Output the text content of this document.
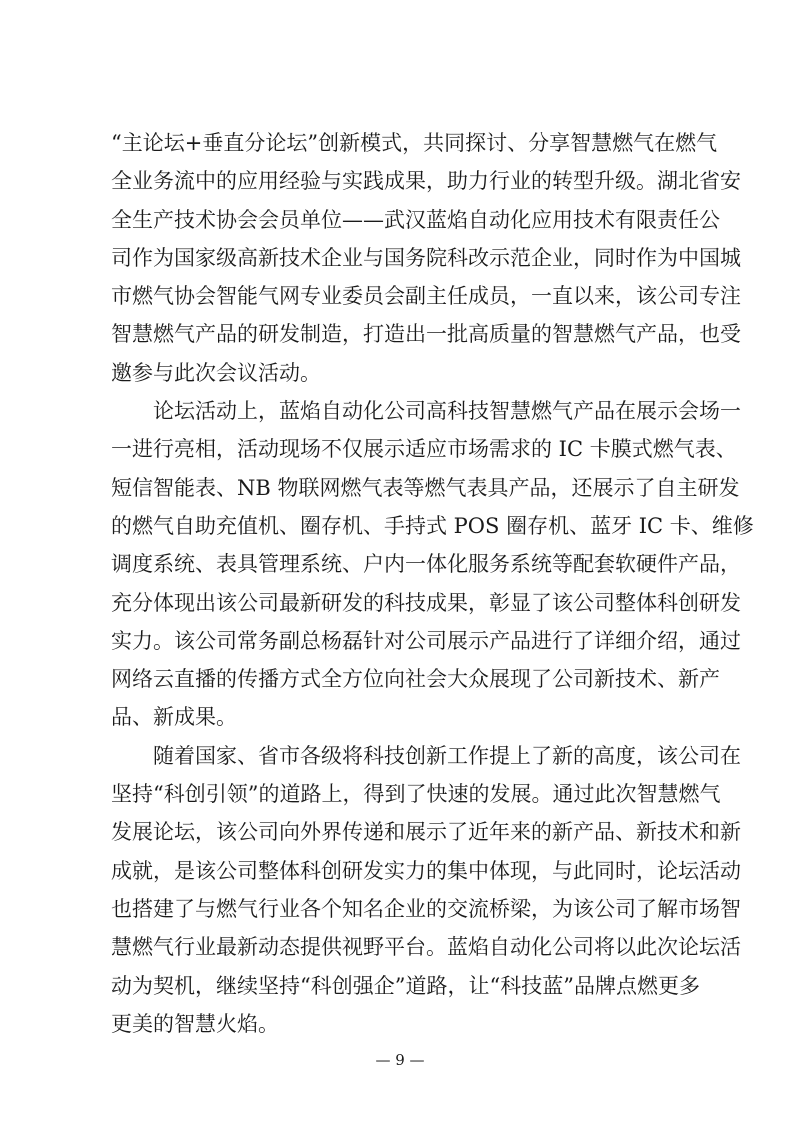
“主论坛+垂直分论坛”创新模式，共同探讨、分享智慧燃气在燃气
全业务流中的应用经验与实践成果，助力行业的转型升级。湖北省安
全生产技术协会会员单位——武汉蓝焰自动化应用技术有限责任公
司作为国家级高新技术企业与国务院科改示范企业，同时作为中国城
市燃气协会智能气网专业委员会副主任成员，一直以来，该公司专注
智慧燃气产品的研发制造，打造出一批高质量的智慧燃气产品，也受
邀参与此次会议活动。
论坛活动上，蓝焰自动化公司高科技智慧燃气产品在展示会场一
一进行亮相，活动现场不仅展示适应市场需求的 IC 卡膜式燃气表、
短信智能表、NB 物联网燃气表等燃气表具产品，还展示了自主研发
的燃气自助充值机、圈存机、手持式 POS 圈存机、蓝牙 IC 卡、维修
调度系统、表具管理系统、户内一体化服务系统等配套软硬件产品，
充分体现出该公司最新研发的科技成果，彰显了该公司整体科创研发
实力。该公司常务副总杨磊针对公司展示产品进行了详细介绍，通过
网络云直播的传播方式全方位向社会大众展现了公司新技术、新产
品、新成果。
随着国家、省市各级将科技创新工作提上了新的高度，该公司在
坚持“科创引领”的道路上，得到了快速的发展。通过此次智慧燃气
发展论坛，该公司向外界传递和展示了近年来的新产品、新技术和新
成就，是该公司整体科创研发实力的集中体现，与此同时，论坛活动
也搭建了与燃气行业各个知名企业的交流桥梁，为该公司了解市场智
慧燃气行业最新动态提供视野平台。蓝焰自动化公司将以此次论坛活
动为契机，继续坚持“科创强企”道路，让“科技蓝”品牌点燃更多
更美的智慧火焰。
— 9 —
